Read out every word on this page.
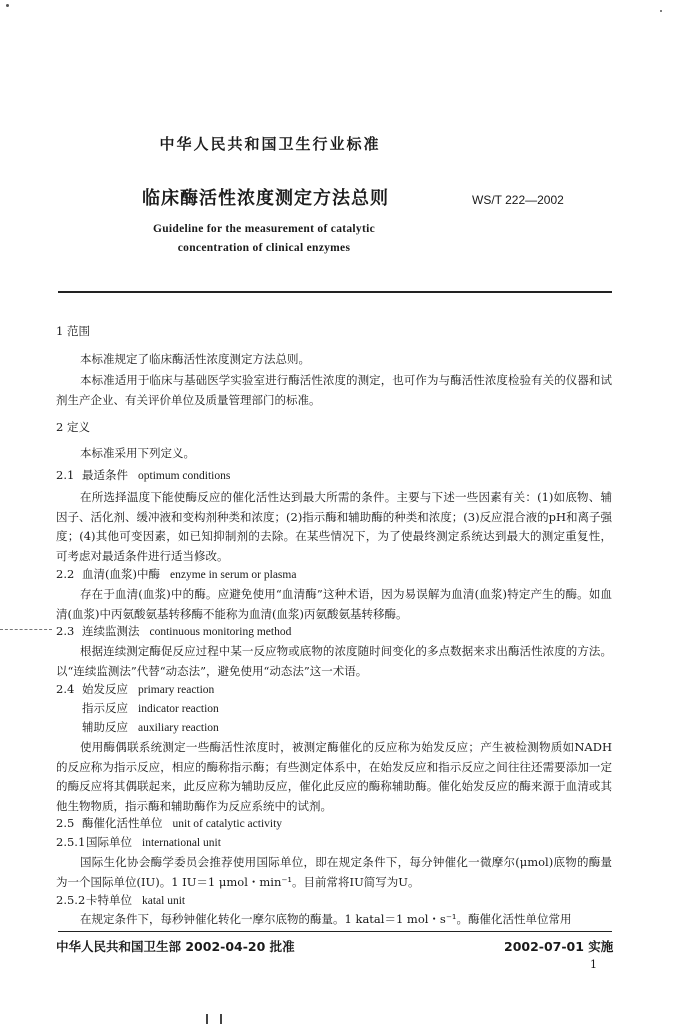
中华人民共和国卫生行业标准
临床酶活性浓度测定方法总则	WS/T 222—2002
Guideline for the measurement of catalytic
concentration of clinical enzymes
1 范围
本标准规定了临床酶活性浓度测定方法总则。
本标准适用于临床与基础医学实验室进行酶活性浓度的测定，也可作为与酶活性浓度检验有关的仪器和试剂生产企业、有关评价单位及质量管理部门的标准。
2 定义
本标准采用下列定义。
2.1 最适条件 optimum conditions
在所选择温度下能使酶反应的催化活性达到最大所需的条件。主要与下述一些因素有关：(1)如底物、辅因子、活化剂、缓冲液和变构剂种类和浓度；(2)指示酶和辅助酶的种类和浓度；(3)反应混合液的pH和离子强度；(4)其他可变因素，如已知抑制剂的去除。在某些情况下，为了使最终测定系统达到最大的测定重复性，可考虑对最适条件进行适当修改。
2.2 血清(血浆)中酶 enzyme in serum or plasma
存在于血清(血浆)中的酶。应避免使用“血清酶”这种术语，因为易误解为血清(血浆)特定产生的酶。如血清(血浆)中丙氨酸氨基转移酶不能称为血清(血浆)丙氨酸氨基转移酶。
2.3 连续监测法 continuous monitoring method
根据连续测定酶促反应过程中某一反应物或底物的浓度随时间变化的多点数据来求出酶活性浓度的方法。以“连续监测法”代替“动态法”，避免使用“动态法”这一术语。
2.4 始发反应 primary reaction
指示反应 indicator reaction
辅助反应 auxiliary reaction
使用酶偶联系统测定一些酶活性浓度时，被测定酶催化的反应称为始发反应；产生被检测物质如NADH的反应称为指示反应，相应的酶称指示酶；有些测定体系中，在始发反应和指示反应之间往往还需要添加一定的酶反应将其偶联起来，此反应称为辅助反应，催化此反应的酶称辅助酶。催化始发反应的酶来源于血清或其他生物物质，指示酶和辅助酶作为反应系统中的试剂。
2.5 酶催化活性单位 unit of catalytic activity
2.5.1国际单位 international unit
国际生化协会酶学委员会推荐使用国际单位，即在规定条件下，每分钟催化一微摩尔(μmol)底物的酶量为一个国际单位(IU)。1 IU＝1 μmol・min⁻¹。目前常将IU简写为U。
2.5.2卡特单位 katal unit
在规定条件下，每秒钟催化转化一摩尔底物的酶量。1 katal＝1 mol・s⁻¹。酶催化活性单位常用
中华人民共和国卫生部 2002-04-20 批准	2002-07-01 实施
1
